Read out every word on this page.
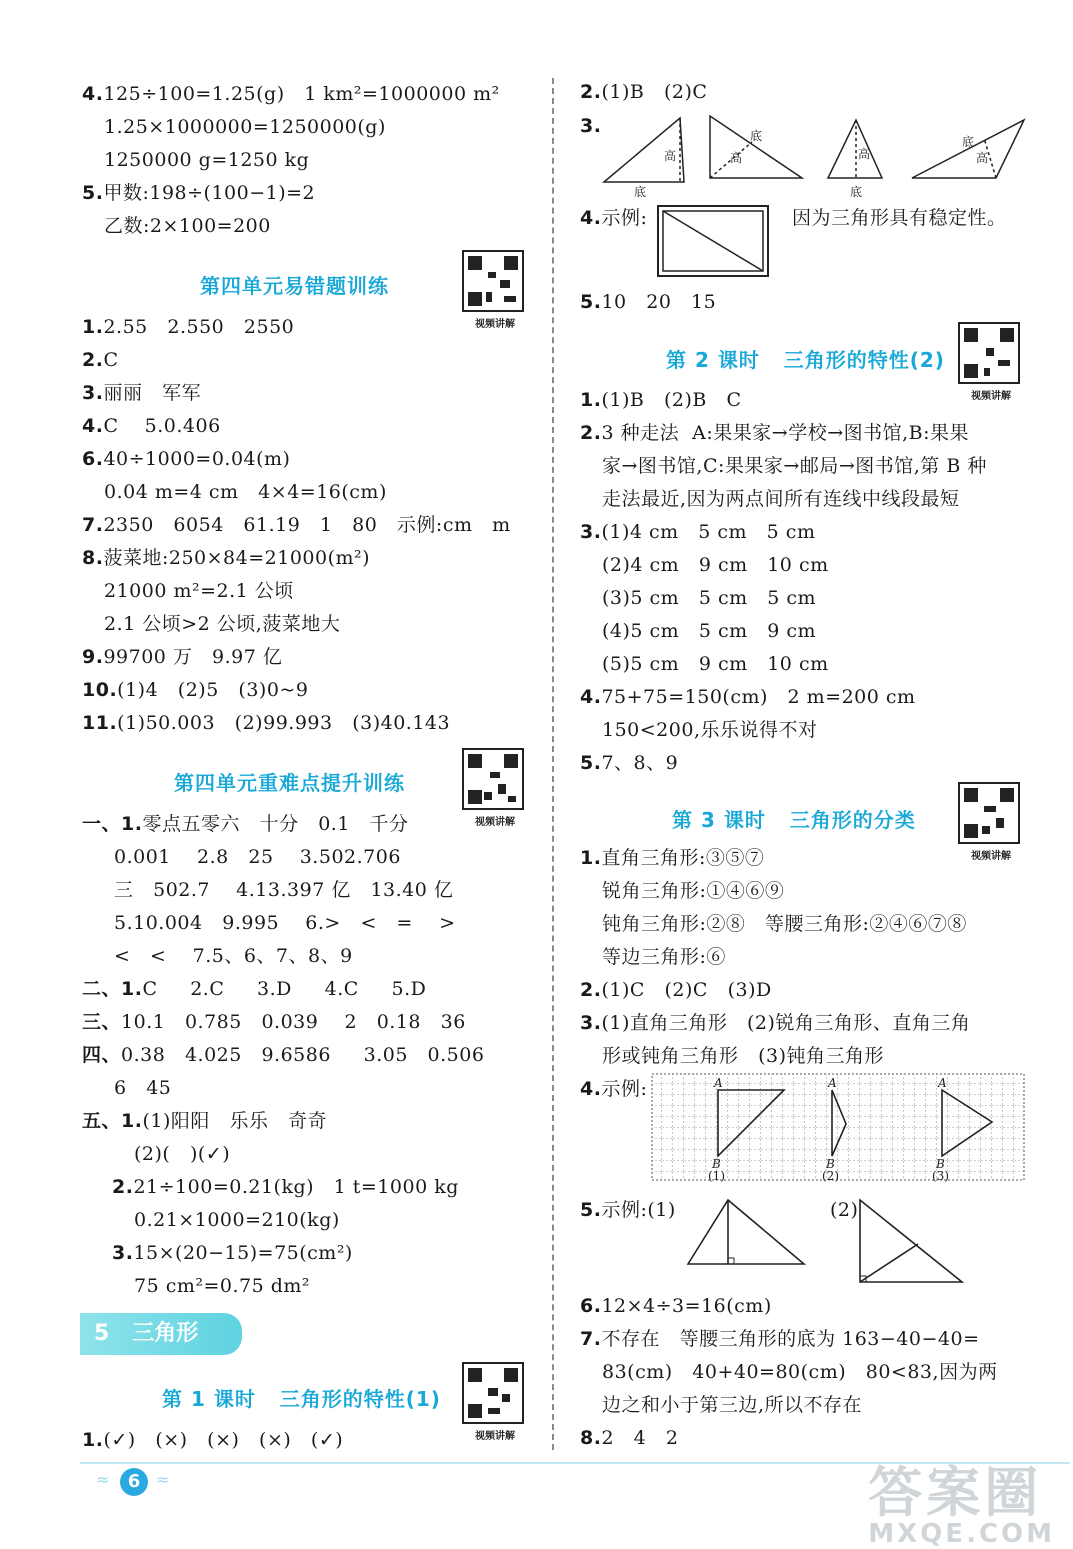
4.125÷100=1.25(g)   1 km²=1000000 m²
1.25×1000000=1250000(g)
1250000 g=1250 kg
5.甲数:198÷(100−1)=2
乙数:2×100=200
第四单元易错题训练
视频讲解
1.2.55   2.550   2550
2.C
3.丽丽   军军
4.C    5.0.406
6.40÷1000=0.04(m)
0.04 m=4 cm   4×4=16(cm)
7.2350   6054   61.19   1   80   示例:cm   m
8.菠菜地:250×84=21000(m²)
21000 m²=2.1 公顷
2.1 公顷>2 公顷,菠菜地大
9.99700 万   9.97 亿
10.(1)4   (2)5   (3)0~9
11.(1)50.003   (2)99.993   (3)40.143
第四单元重难点提升训练
视频讲解
一、1.零点五零六   十分   0.1   千分
0.001    2.8   25    3.502.706
三   502.7    4.13.397 亿   13.40 亿
5.10.004   9.995    6.>   <   =    >
<   <    7.5、6、7、8、9
二、1.C     2.C     3.D     4.C     5.D
三、10.1   0.785   0.039    2   0.18   36
四、0.38   4.025   9.6586     3.05   0.506
6   45
五、1.(1)阳阳   乐乐   奇奇
(2)(   )(✓)
2.21÷100=0.21(kg)   1 t=1000 kg
0.21×1000=210(kg)
3.15×(20−15)=75(cm²)
75 cm²=0.75 dm²
5   三角形
第 1 课时   三角形的特性(1)
视频讲解
1.(✓)   (×)   (×)   (×)   (✓)
2.(1)B   (2)C
3.
高
底
高
底
高
底
高
底
4.示例:	因为三角形具有稳定性。
5.10   20   15
第 2 课时   三角形的特性(2)
视频讲解
1.(1)B   (2)B   C
2.3 种走法  A:果果家→学校→图书馆,B:果果
家→图书馆,C:果果家→邮局→图书馆,第 B 种
走法最近,因为两点间所有连线中线段最短
3.(1)4 cm   5 cm   5 cm
(2)4 cm   9 cm   10 cm
(3)5 cm   5 cm   5 cm
(4)5 cm   5 cm   9 cm
(5)5 cm   9 cm   10 cm
4.75+75=150(cm)   2 m=200 cm
150<200,乐乐说得不对
5.7、8、9
第 3 课时   三角形的分类
视频讲解
1.直角三角形:③⑤⑦
锐角三角形:①④⑥⑨
钝角三角形:②⑧   等腰三角形:②④⑥⑦⑧
等边三角形:⑥
2.(1)C   (2)C   (3)D
3.(1)直角三角形   (2)锐角三角形、直角三角
形或钝角三角形   (3)钝角三角形
4.示例:	A
B
A
B
A
B
(1)	(2)	(3)
5.示例:(1)	(2)
6.12×4÷3=16(cm)
7.不存在   等腰三角形的底为 163−40−40=
83(cm)   40+40=80(cm)   80<83,因为两
边之和小于第三边,所以不存在
8.2   4   2
≈	6 ≈	答案圈
MXQE.COM
